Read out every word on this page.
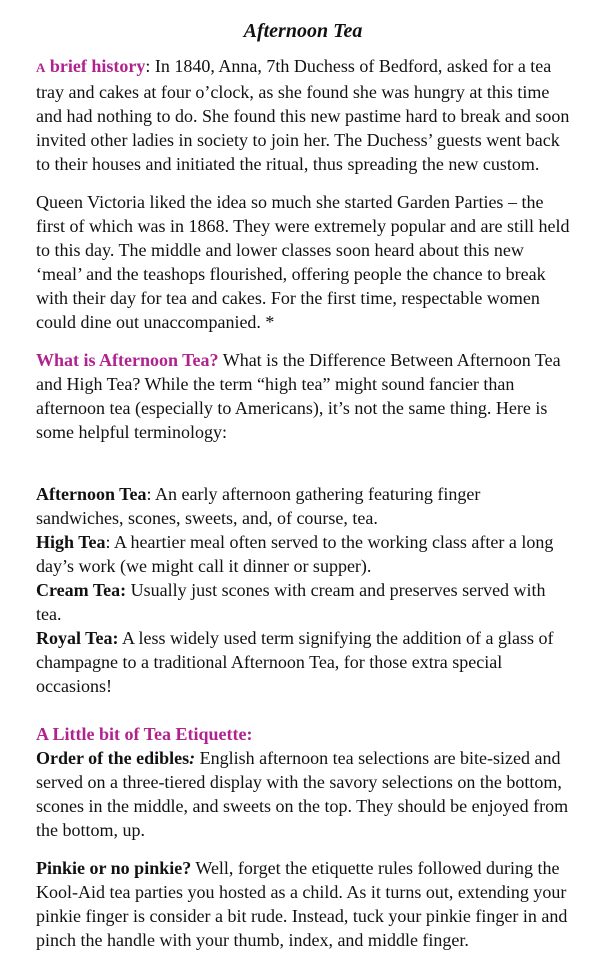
Afternoon Tea

A brief history: In 1840, Anna, 7th Duchess of Bedford, asked for a tea tray and cakes at four o’clock, as she found she was hungry at this time and had nothing to do. She found this new pastime hard to break and soon invited other ladies in society to join her. The Duchess’ guests went back to their houses and initiated the ritual, thus spreading the new custom.

Queen Victoria liked the idea so much she started Garden Parties – the first of which was in 1868. They were extremely popular and are still held to this day. The middle and lower classes soon heard about this new ‘meal’ and the teashops flourished, offering people the chance to break with their day for tea and cakes. For the first time, respectable women could dine out unaccompanied. *

What is Afternoon Tea? What is the Difference Between Afternoon Tea and High Tea? While the term “high tea” might sound fancier than afternoon tea (especially to Americans), it’s not the same thing. Here is some helpful terminology:

Afternoon Tea: An early afternoon gathering featuring finger sandwiches, scones, sweets, and, of course, tea.

High Tea: A heartier meal often served to the working class after a long day’s work (we might call it dinner or supper).

Cream Tea: Usually just scones with cream and preserves served with tea.

Royal Tea: A less widely used term signifying the addition of a glass of champagne to a traditional Afternoon Tea, for those extra special occasions!

A Little bit of Tea Etiquette:

Order of the edibles: English afternoon tea selections are bite-sized and served on a three-tiered display with the savory selections on the bottom, scones in the middle, and sweets on the top. They should be enjoyed from the bottom, up.

Pinkie or no pinkie? Well, forget the etiquette rules followed during the Kool-Aid tea parties you hosted as a child. As it turns out, extending your pinkie finger is consider a bit rude. Instead, tuck your pinkie finger in and pinch the handle with your thumb, index, and middle finger.
